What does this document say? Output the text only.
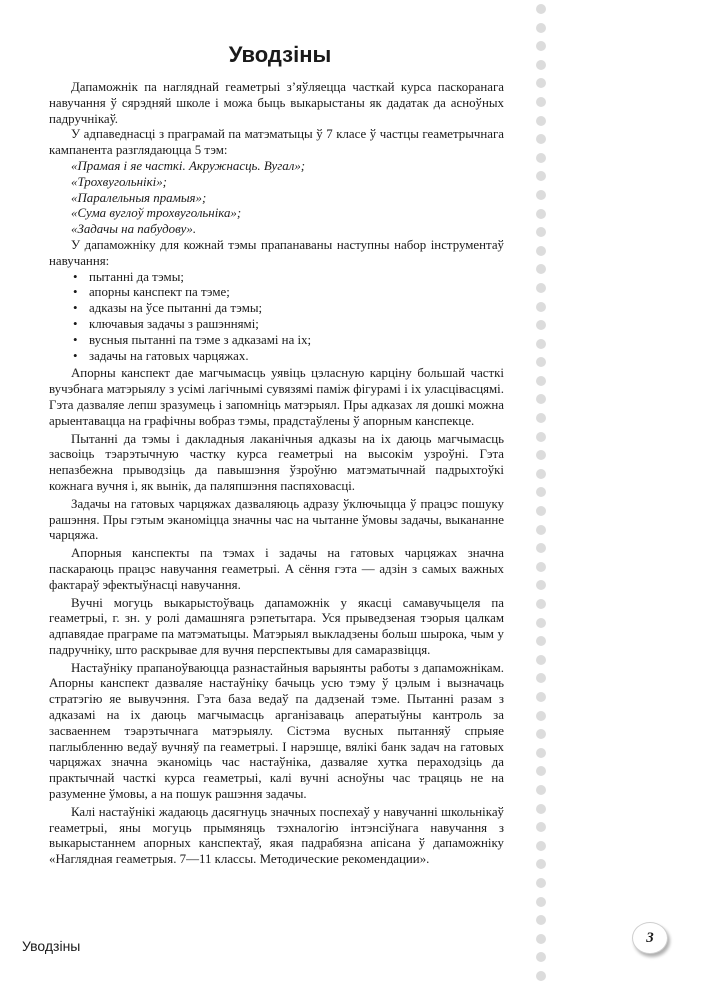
Уводзіны

Дапаможнік па нагляднай геаметрыі з’яўляецца часткай курса паскоранага навучання ў сярэдняй школе і можа быць выкарыстаны як дадатак да асноўных падручнікаў.

У адпаведнасці з праграмай па матэматыцы ў 7 класе ў частцы геаметрычнага кампанента разглядаюцца 5 тэм:

«Прамая і яе часткі. Акружнасць. Вугал»;
«Трохвугольнікі»;
«Паралельныя прамыя»;
«Сума вуглоў трохвугольніка»;
«Задачы на пабудову».

У дапаможніку для кожнай тэмы прапанаваны наступны набор інструментаў навучання:

• пытанні да тэмы;
• апорны канспект па тэме;
• адказы на ўсе пытанні да тэмы;
• ключавыя задачы з рашэннямі;
• вусныя пытанні па тэме з адказамі на іх;
• задачы на гатовых чарцяжах.

Апорны канспект дае магчымасць уявіць цэласную карціну большай часткі вучэбнага матэрыялу з усімі лагічнымі сувязямі паміж фігурамі і іх уласцівасцямі. Гэта дазваляе лепш зразумець і запомніць матэрыял. Пры адказах ля дошкі можна арыентавацца на графічны вобраз тэмы, прадстаўлены ў апорным канспекце.

Пытанні да тэмы і дакладныя лаканічныя адказы на іх даюць магчымасць засвоіць тэарэтычную частку курса геаметрыі на высокім узроўні. Гэта непазбежна прыводзіць да павышэння ўзроўню матэматычнай падрыхтоўкі кожнага вучня і, як вынік, да паляпшэння паспяховасці.

Задачы на гатовых чарцяжах дазваляюць адразу ўключыцца ў працэс пошуку рашэння. Пры гэтым эканоміцца значны час на чытанне ўмовы задачы, выкананне чарцяжа.

Апорныя канспекты па тэмах і задачы на гатовых чарцяжах значна паскараюць працэс навучання геаметрыі. А сёння гэта — адзін з самых важных фактараў эфектыўнасці навучання.

Вучні могуць выкарыстоўваць дапаможнік у якасці самавучыцеля па геаметрыі, г. зн. у ролі дамашняга рэпетытара. Уся прыведзеная тэорыя цалкам адпавядае праграме па матэматыцы. Матэрыял выкладзены больш шырока, чым у падручніку, што раскрывае для вучня перспектывы для самаразвіцця.

Настаўніку прапаноўваюцца разнастайныя варыянты работы з дапаможнікам. Апорны канспект дазваляе настаўніку бачыць усю тэму ў цэлым і вызначаць стратэгію яе вывучэння. Гэта база ведаў па дадзенай тэме. Пытанні разам з адказамі на іх даюць магчымасць арганізаваць аператыўны кантроль за засваеннем тэарэтычнага матэрыялу. Сістэма вусных пытанняў спрыяе паглыбленню ведаў вучняў па геаметрыі. І нарэшце, вялікі банк задач на гатовых чарцяжах значна эканоміць час настаўніка, дазваляе хутка пераходзіць да практычнай часткі курса геаметрыі, калі вучні асноўны час трацяць не на разуменне ўмовы, а на пошук рашэння задачы.

Калі настаўнікі жадаюць дасягнуць значных поспехаў у навучанні школьнікаў геаметрыі, яны могуць прымяняць тэхналогію інтэнсіўнага навучання з выкарыстаннем апорных канспектаў, якая падрабязна апісана ў дапаможніку «Наглядная геаметрыя. 7—11 классы. Методические рекомендации».

Уводзіны	3
